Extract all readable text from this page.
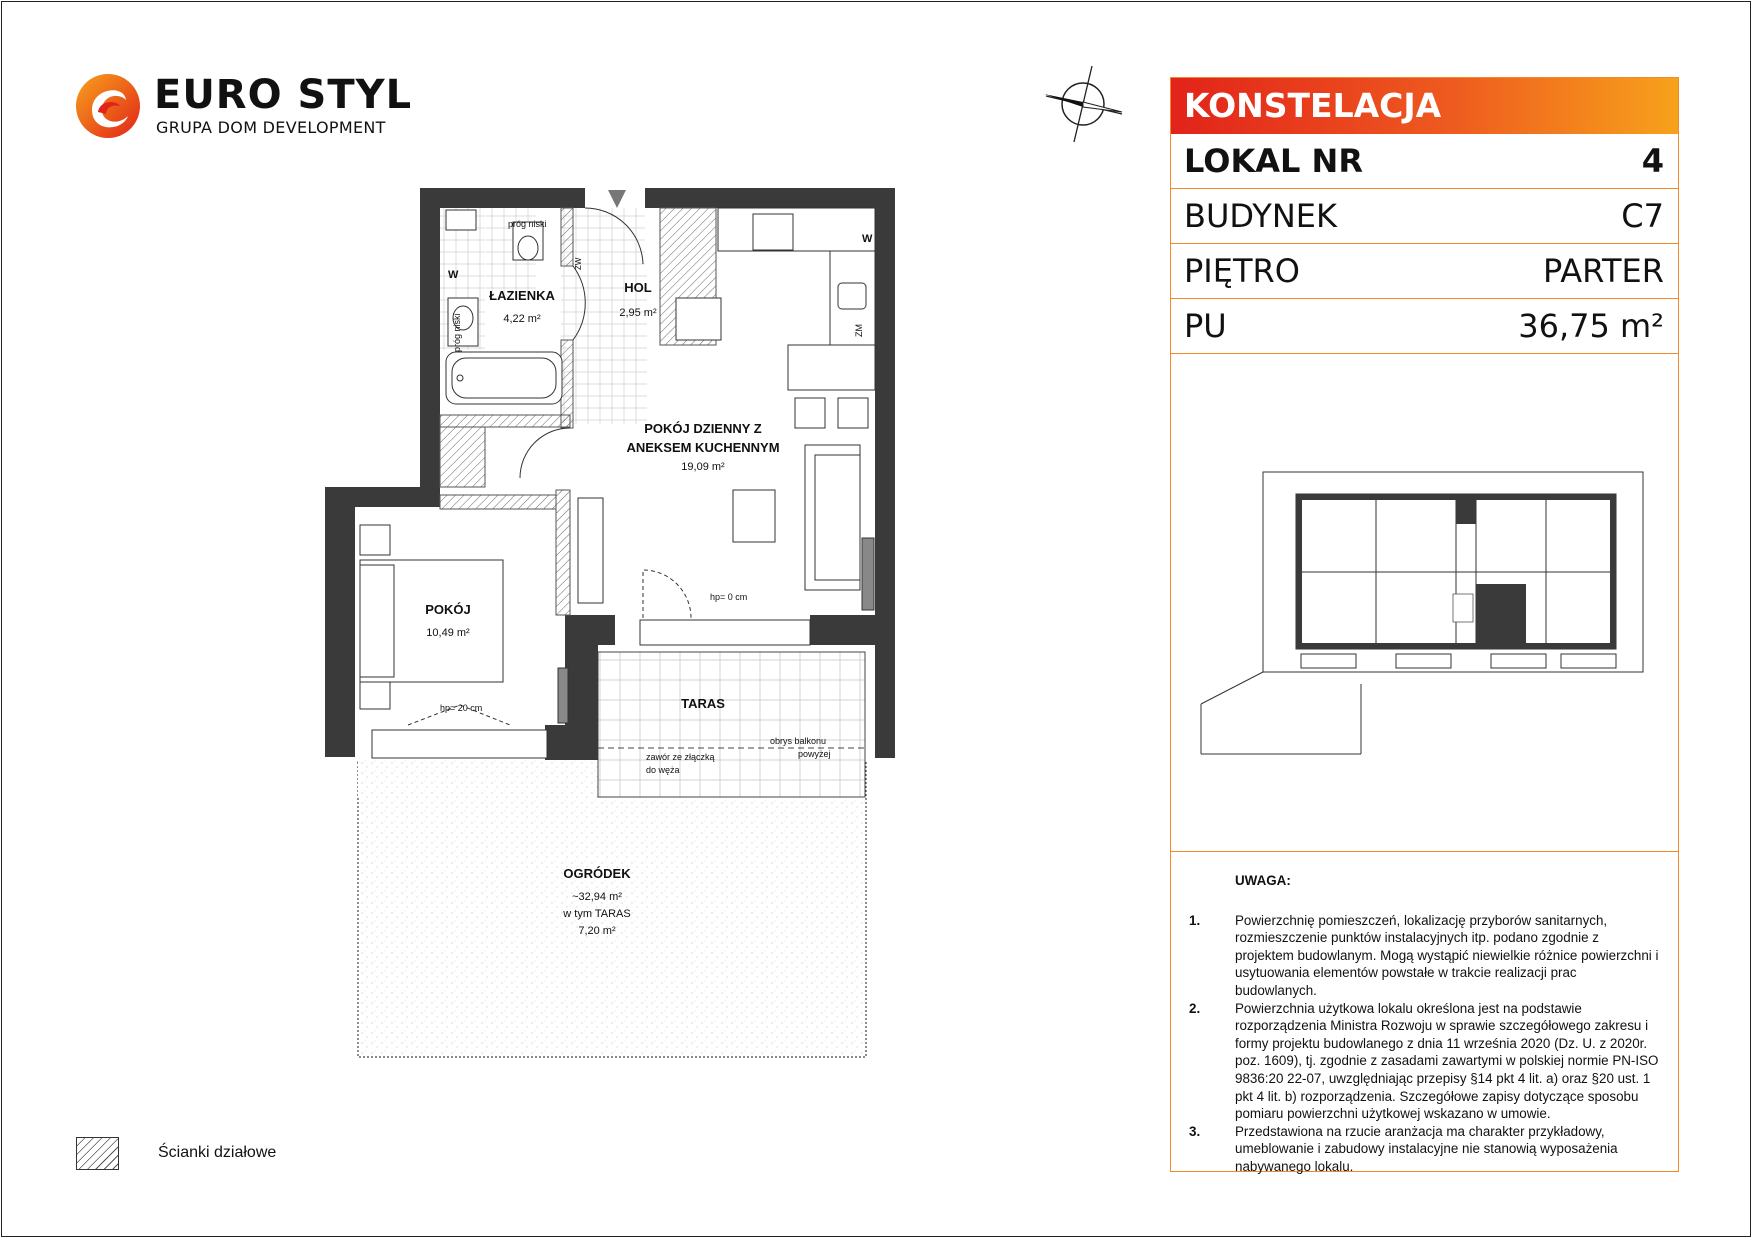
EURO STYL
GRUPA DOM DEVELOPMENT
ŁAZIENKA
4,22 m²
HOL
2,95 m²
POKÓJ DZIENNY Z
ANEKSEM KUCHENNYM
19,09 m²
POKÓJ
10,49 m²
TARAS
OGRÓDEK
~32,94 m²
w tym TARAS
7,20 m²
próg niski
próg niski
hp= 0 cm
hp= 20 cm
zawór ze złączką
do węża
obrys balkonu
powyżej
W
W
ZM
ZW
KONSTELACJA
LOKAL NR	4
BUDYNEK	C7
PIĘTRO	PARTER
PU	36,75 m²
UWAGA:
1.	Powierzchnię pomieszczeń, lokalizację przyborów sanitarnych, rozmieszczenie punktów instalacyjnych itp. podano zgodnie z projektem budowlanym. Mogą wystąpić niewielkie różnice powierzchni i usytuowania elementów powstałe w trakcie realizacji prac budowlanych.
2.	Powierzchnia użytkowa lokalu określona jest na podstawie rozporządzenia Ministra Rozwoju w sprawie szczegółowego zakresu i formy projektu budowlanego z dnia 11 września 2020 (Dz. U. z 2020r. poz. 1609), tj. zgodnie z zasadami zawartymi w polskiej normie PN-ISO 9836:20 22-07, uwzględniając przepisy §14 pkt 4 lit. a) oraz §20 ust. 1 pkt 4 lit. b) rozporządzenia. Szczegółowe zapisy dotyczące sposobu pomiaru powierzchni użytkowej wskazano w umowie.
3.	Przedstawiona na rzucie aranżacja ma charakter przykładowy, umeblowanie i zabudowy instalacyjne nie stanowią wyposażenia nabywanego lokalu.
Ścianki działowe
